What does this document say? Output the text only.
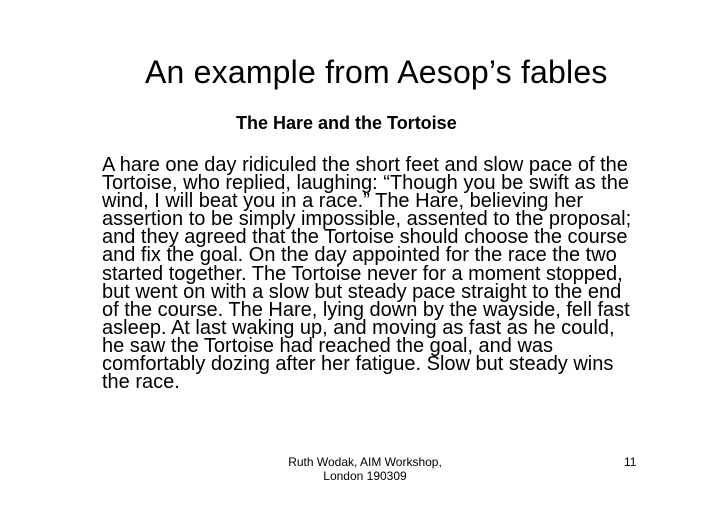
An example from Aesop’s fables
The Hare and the Tortoise
A hare one day ridiculed the short feet and slow pace of the
Tortoise, who replied, laughing: “Though you be swift as the
wind, I will beat you in a race.” The Hare, believing her
assertion to be simply impossible, assented to the proposal;
and they agreed that the Tortoise should choose the course
and fix the goal. On the day appointed for the race the two
started together. The Tortoise never for a moment stopped,
but went on with a slow but steady pace straight to the end
of the course. The Hare, lying down by the wayside, fell fast
asleep. At last waking up, and moving as fast as he could,
he saw the Tortoise had reached the goal, and was
comfortably dozing after her fatigue. Slow but steady wins
the race.
Ruth Wodak, AIM Workshop,
London 190309
11
